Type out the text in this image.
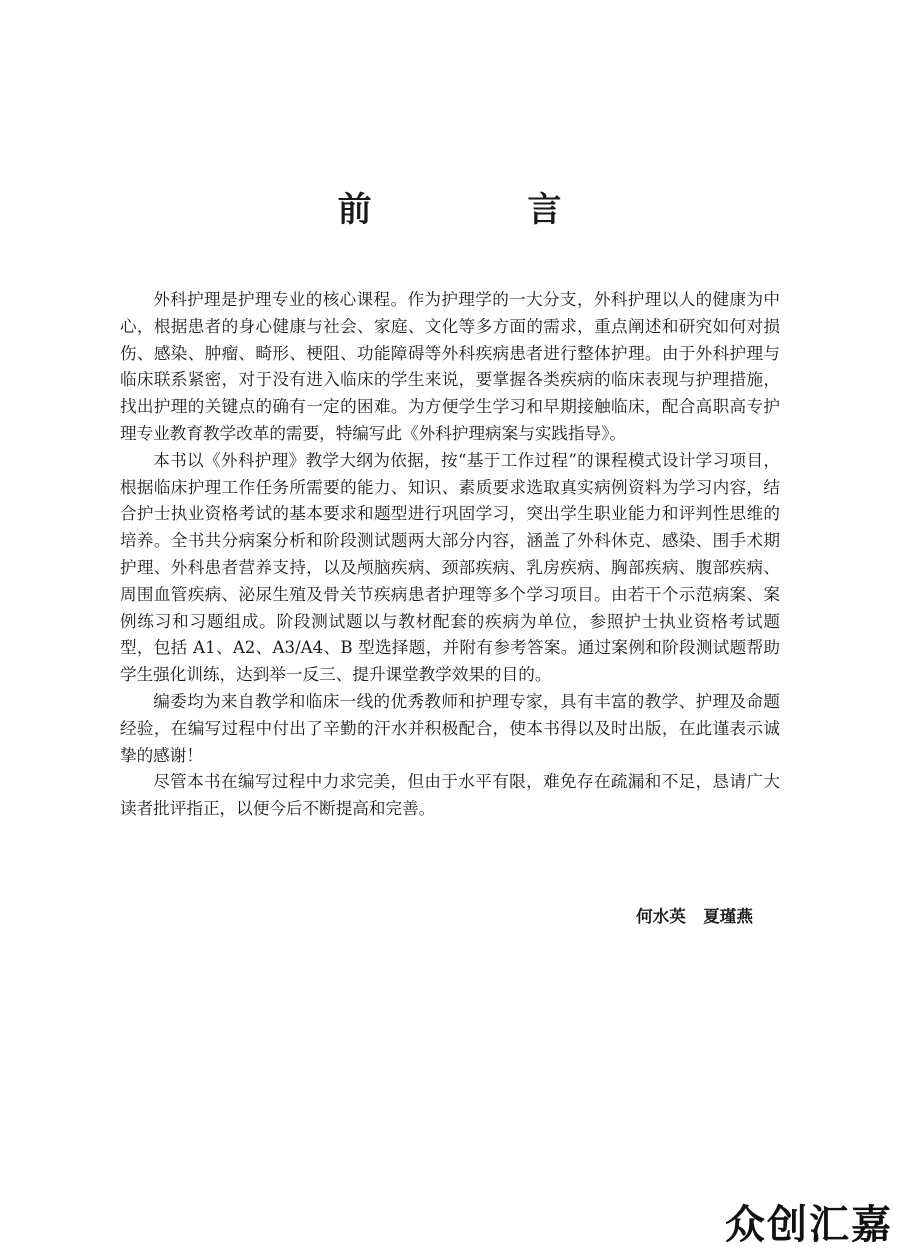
前 言

外科护理是护理专业的核心课程。作为护理学的一大分支，外科护理以人的健康为中心，根据患者的身心健康与社会、家庭、文化等多方面的需求，重点阐述和研究如何对损伤、感染、肿瘤、畸形、梗阻、功能障碍等外科疾病患者进行整体护理。由于外科护理与临床联系紧密，对于没有进入临床的学生来说，要掌握各类疾病的临床表现与护理措施，找出护理的关键点的确有一定的困难。为方便学生学习和早期接触临床，配合高职高专护理专业教育教学改革的需要，特编写此《外科护理病案与实践指导》。

本书以《外科护理》教学大纲为依据，按“基于工作过程”的课程模式设计学习项目，根据临床护理工作任务所需要的能力、知识、素质要求选取真实病例资料为学习内容，结合护士执业资格考试的基本要求和题型进行巩固学习，突出学生职业能力和评判性思维的培养。全书共分病案分析和阶段测试题两大部分内容，涵盖了外科休克、感染、围手术期护理、外科患者营养支持，以及颅脑疾病、颈部疾病、乳房疾病、胸部疾病、腹部疾病、周围血管疾病、泌尿生殖及骨关节疾病患者护理等多个学习项目。由若干个示范病案、案例练习和习题组成。阶段测试题以与教材配套的疾病为单位，参照护士执业资格考试题型，包括 A1、A2、A3/A4、B 型选择题，并附有参考答案。通过案例和阶段测试题帮助学生强化训练，达到举一反三、提升课堂教学效果的目的。

编委均为来自教学和临床一线的优秀教师和护理专家，具有丰富的教学、护理及命题经验，在编写过程中付出了辛勤的汗水并积极配合，使本书得以及时出版，在此谨表示诚挚的感谢！

尽管本书在编写过程中力求完美，但由于水平有限，难免存在疏漏和不足，恳请广大读者批评指正，以便今后不断提高和完善。

何水英   夏瑾燕
众创汇嘉
